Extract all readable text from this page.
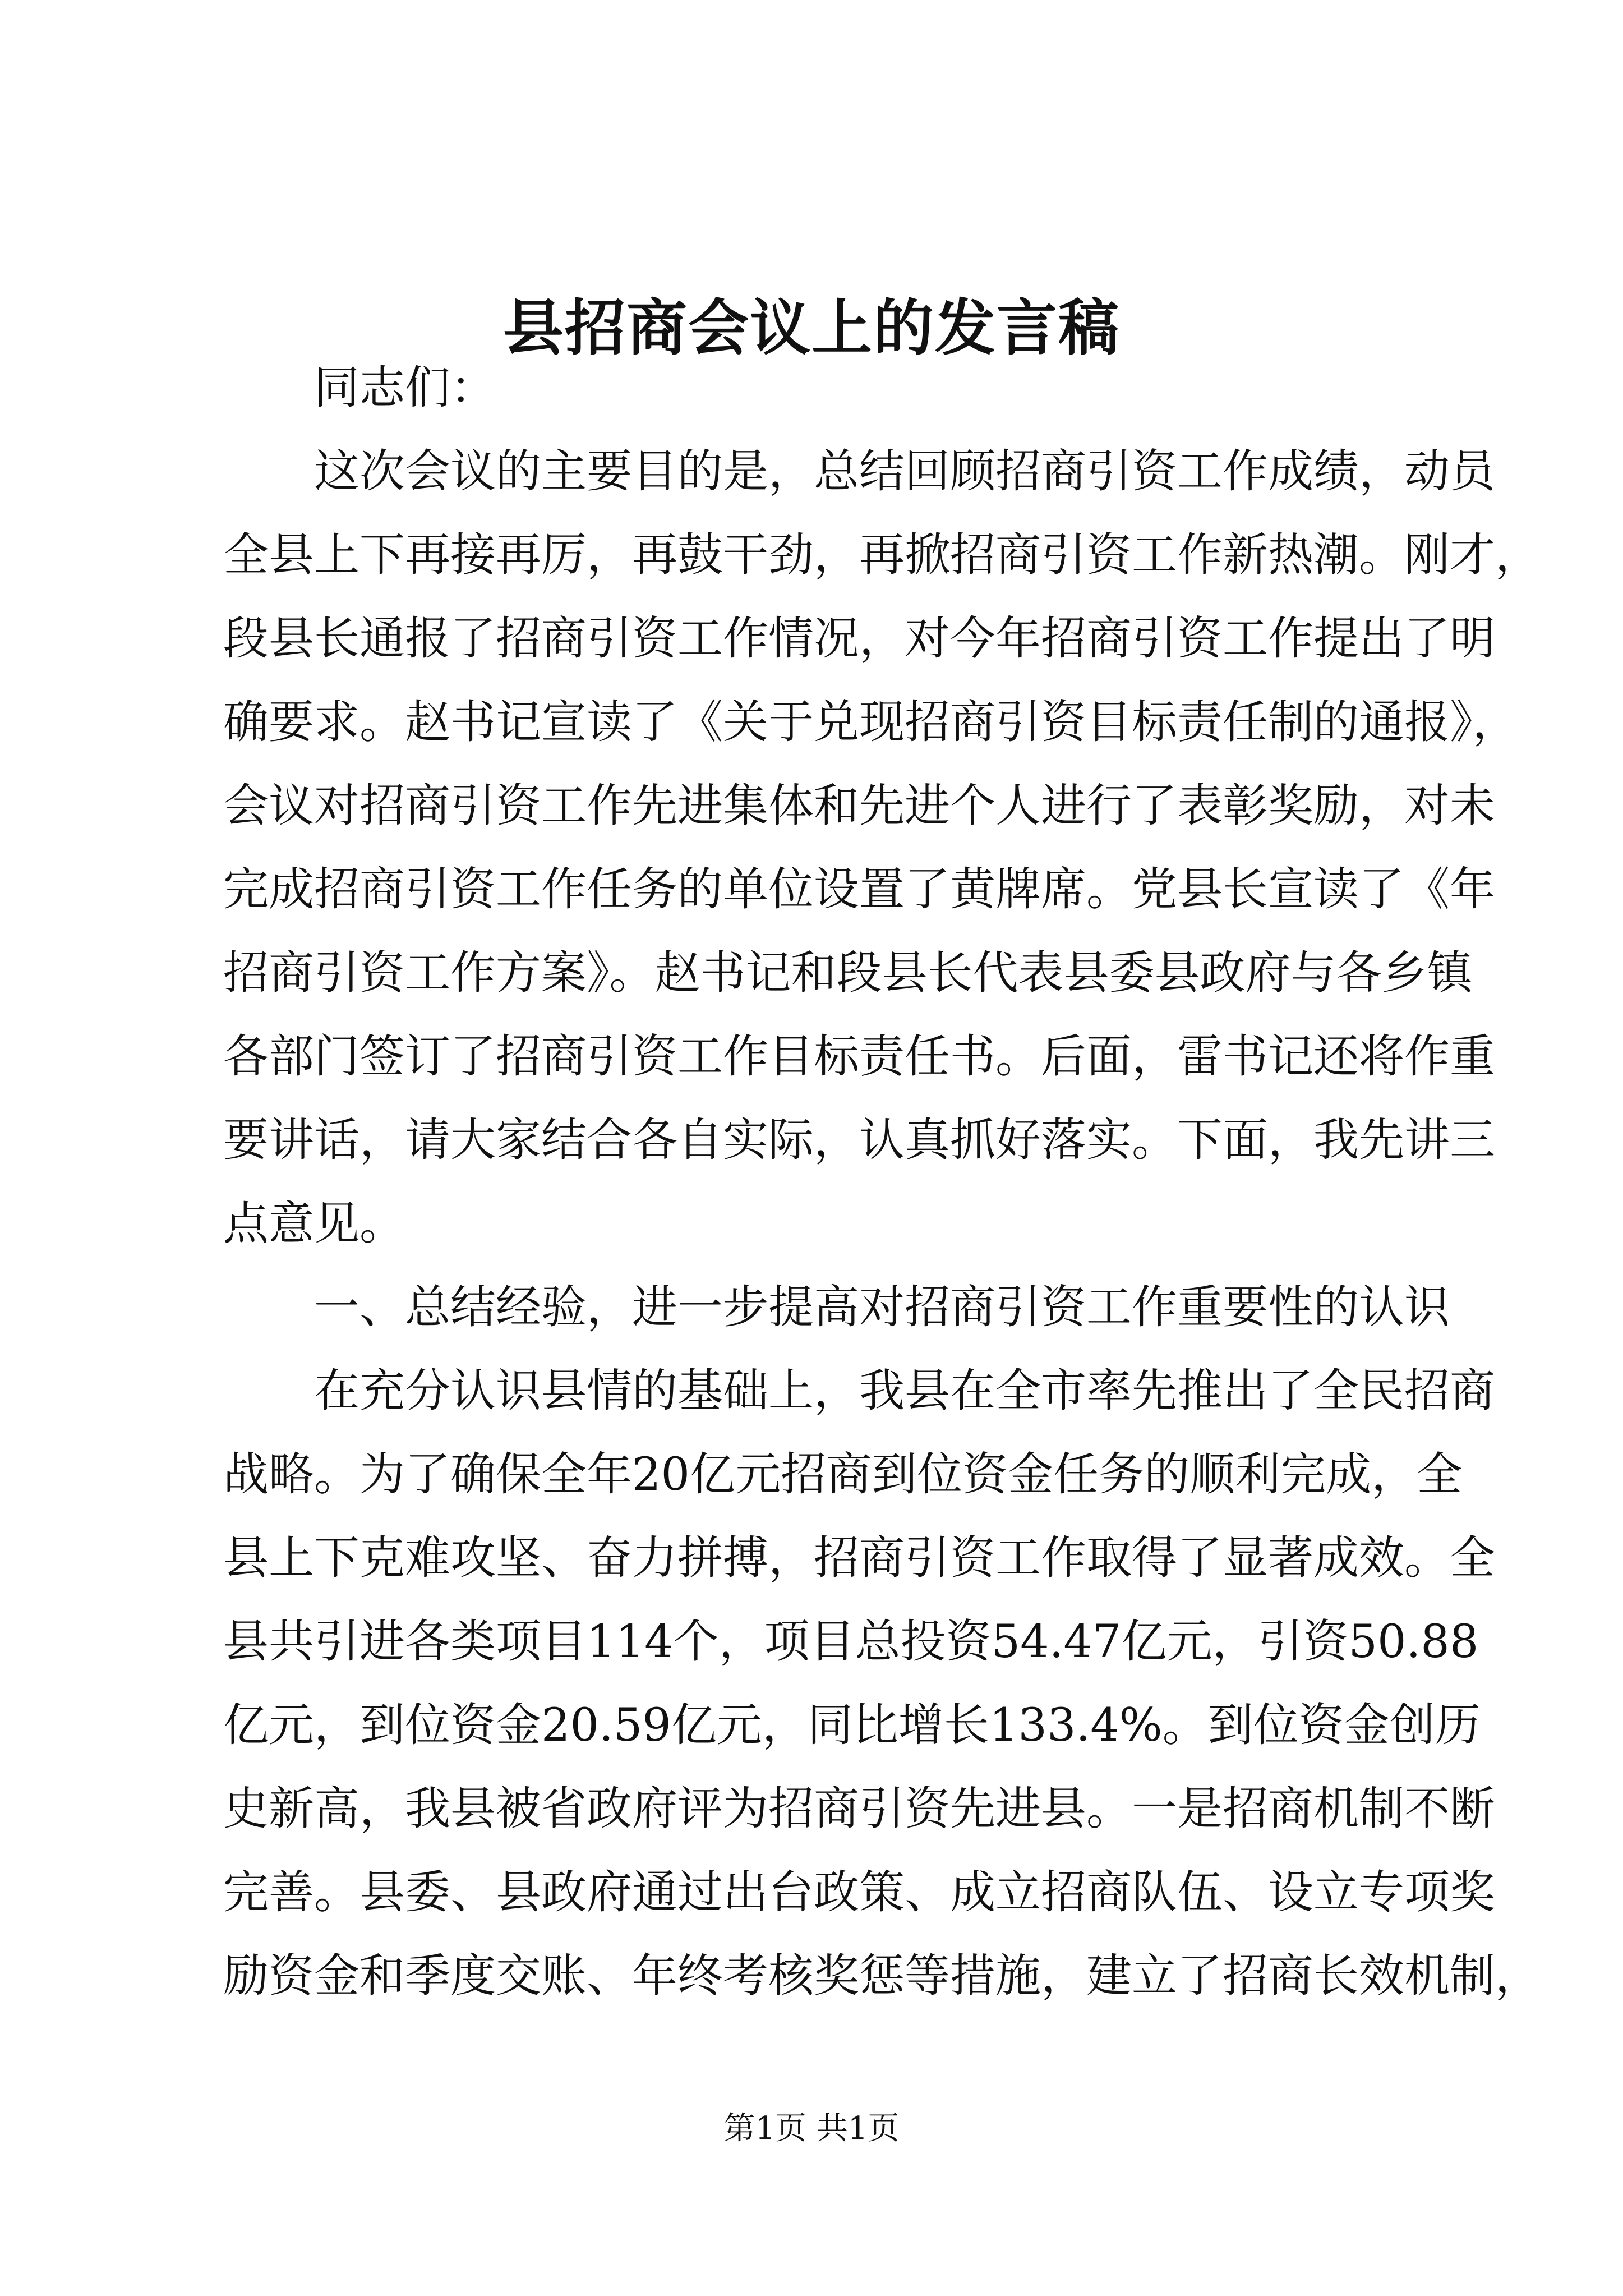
县招商会议上的发言稿
同志们：
这次会议的主要目的是，总结回顾招商引资工作成绩，动员
全县上下再接再厉，再鼓干劲，再掀招商引资工作新热潮。刚才，
段县长通报了招商引资工作情况，对今年招商引资工作提出了明
确要求。赵书记宣读了《关于兑现招商引资目标责任制的通报》，
会议对招商引资工作先进集体和先进个人进行了表彰奖励，对未
完成招商引资工作任务的单位设置了黄牌席。党县长宣读了《年
招商引资工作方案》。赵书记和段县长代表县委县政府与各乡镇
各部门签订了招商引资工作目标责任书。后面，雷书记还将作重
要讲话，请大家结合各自实际，认真抓好落实。下面，我先讲三
点意见。
一、总结经验，进一步提高对招商引资工作重要性的认识
在充分认识县情的基础上，我县在全市率先推出了全民招商
战略。为了确保全年20亿元招商到位资金任务的顺利完成，全
县上下克难攻坚、奋力拼搏，招商引资工作取得了显著成效。全
县共引进各类项目114个，项目总投资54.47亿元，引资50.88
亿元，到位资金20.59亿元，同比增长133.4%。到位资金创历
史新高，我县被省政府评为招商引资先进县。一是招商机制不断
完善。县委、县政府通过出台政策、成立招商队伍、设立专项奖
励资金和季度交账、年终考核奖惩等措施，建立了招商长效机制，
第1页 共1页
